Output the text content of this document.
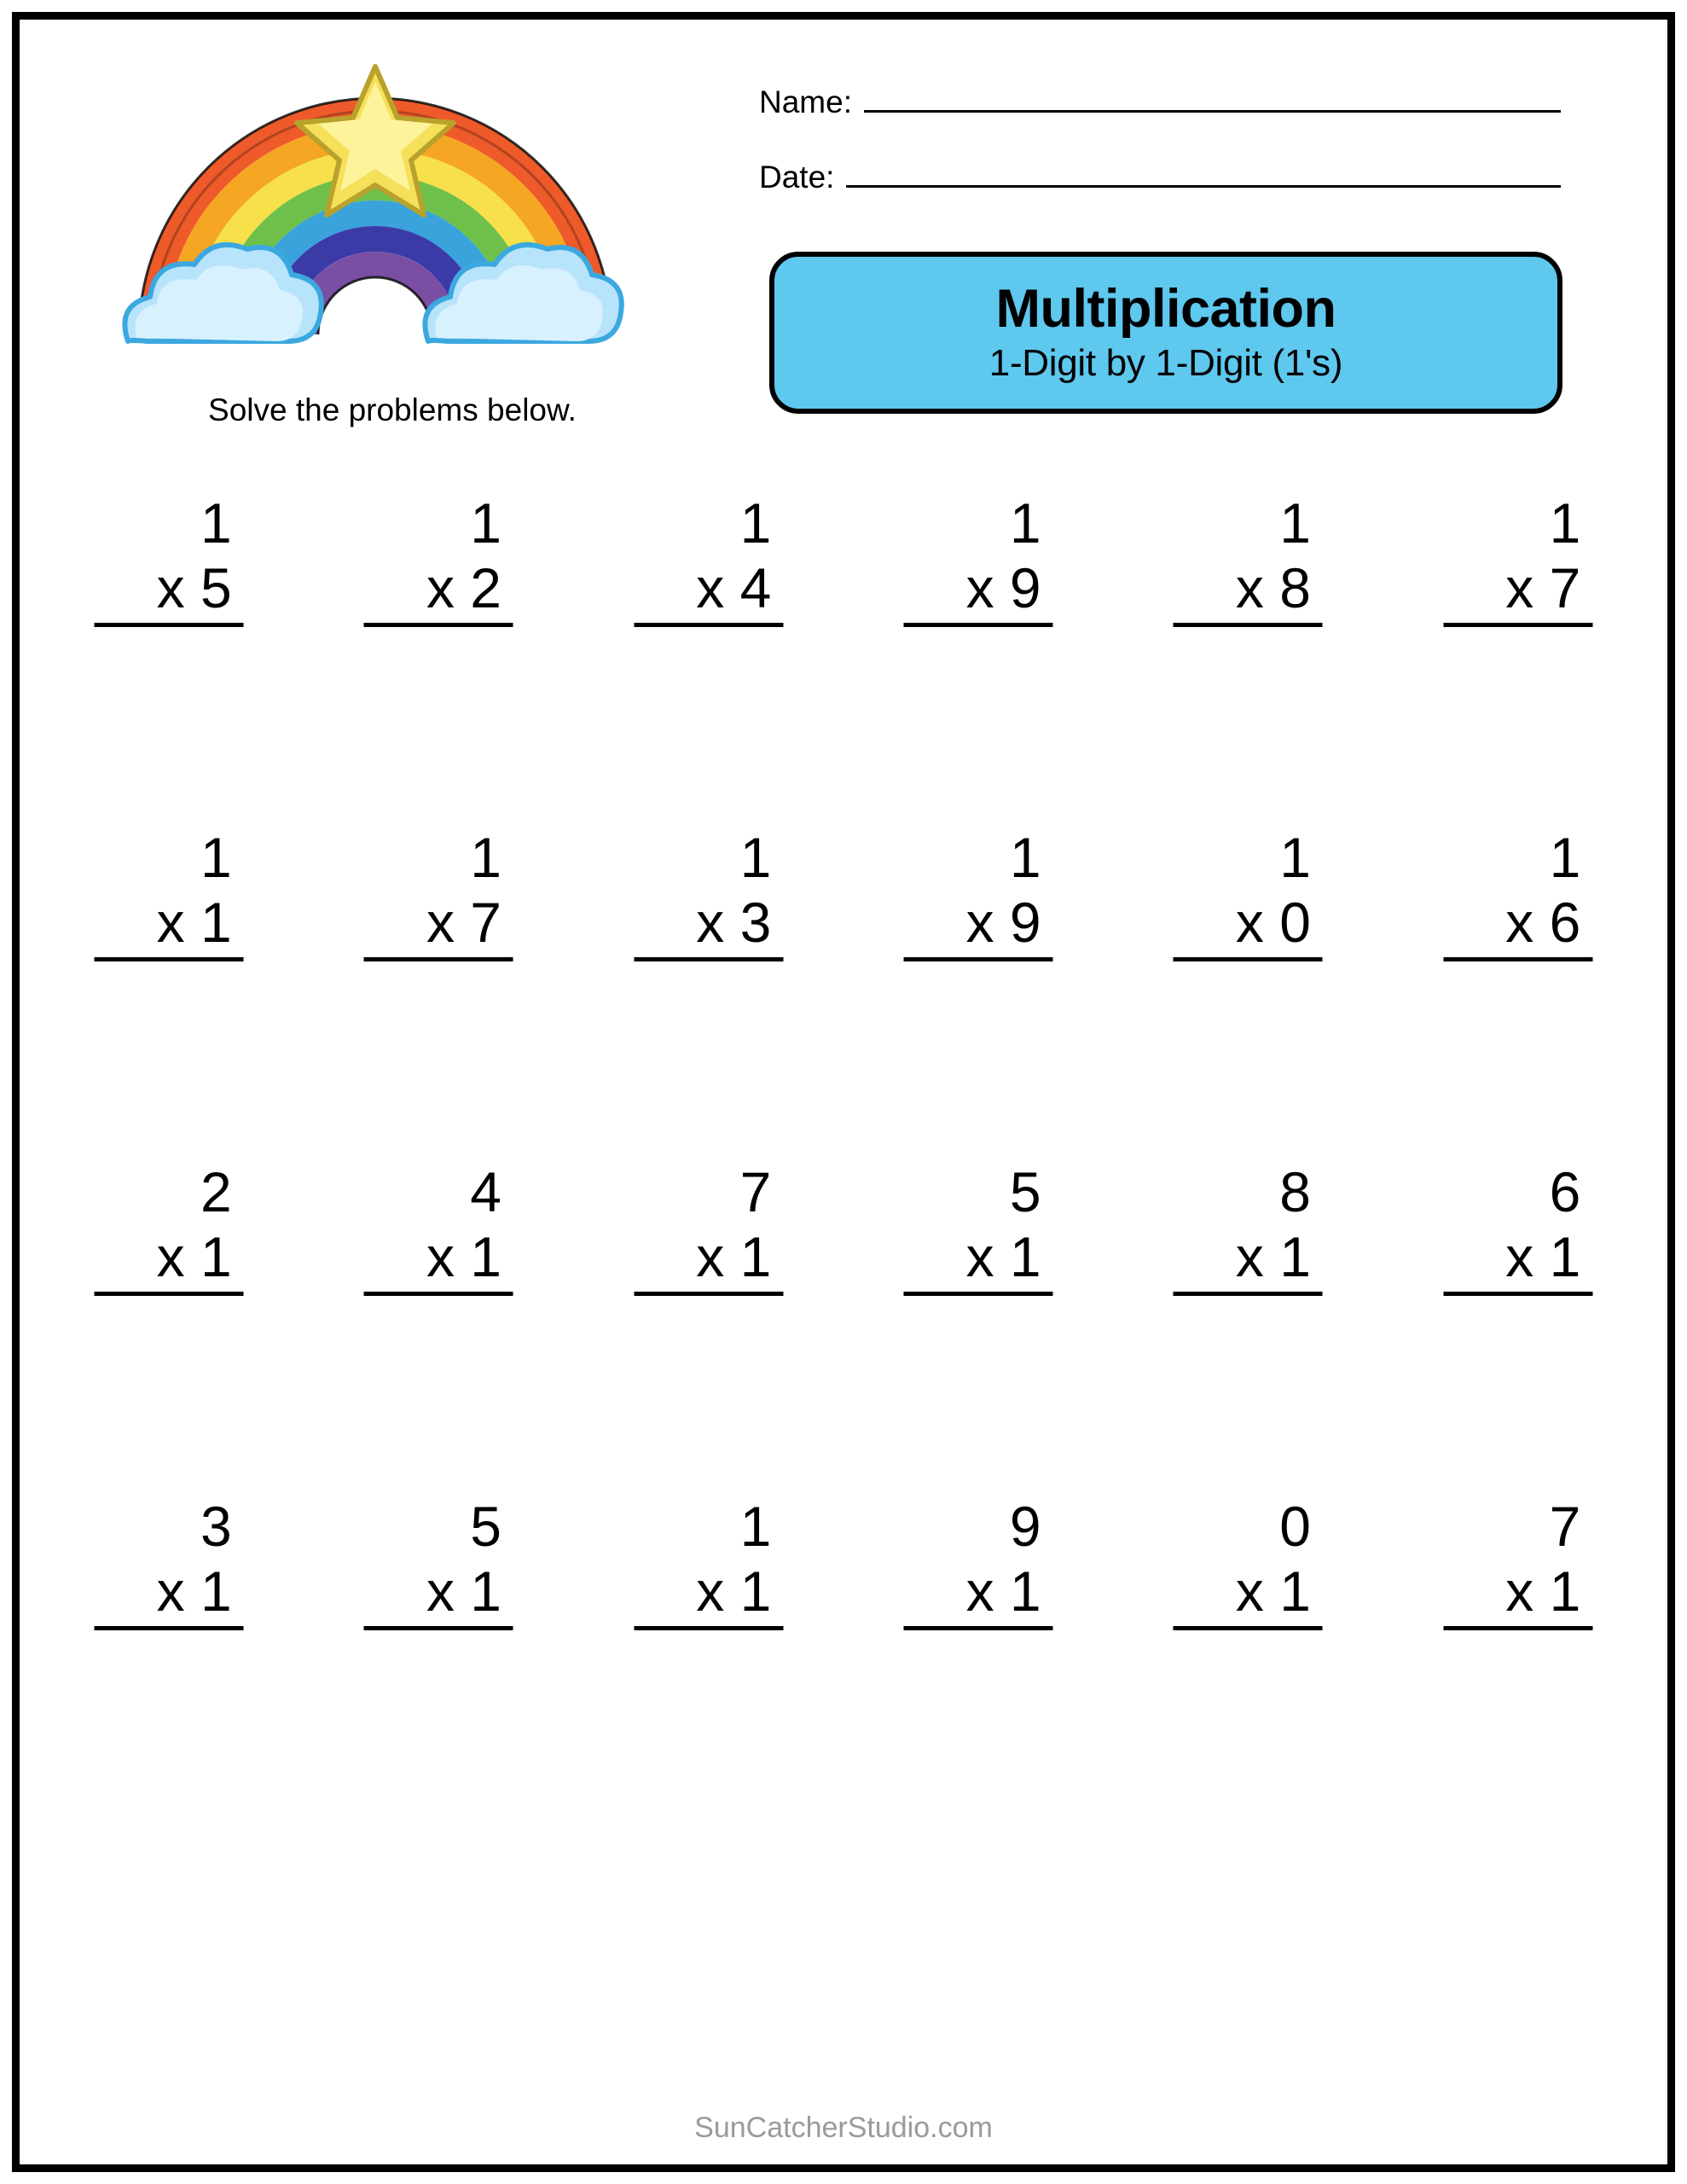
Solve the problems below.
Name:
Date:
Multiplication
1-Digit by 1-Digit (1's)
1
x 5
1
x 2
1
x 4
1
x 9
1
x 8
1
x 7
1
x 1
1
x 7
1
x 3
1
x 9
1
x 0
1
x 6
2
x 1
4
x 1
7
x 1
5
x 1
8
x 1
6
x 1
3
x 1
5
x 1
1
x 1
9
x 1
0
x 1
7
x 1
SunCatcherStudio.com
